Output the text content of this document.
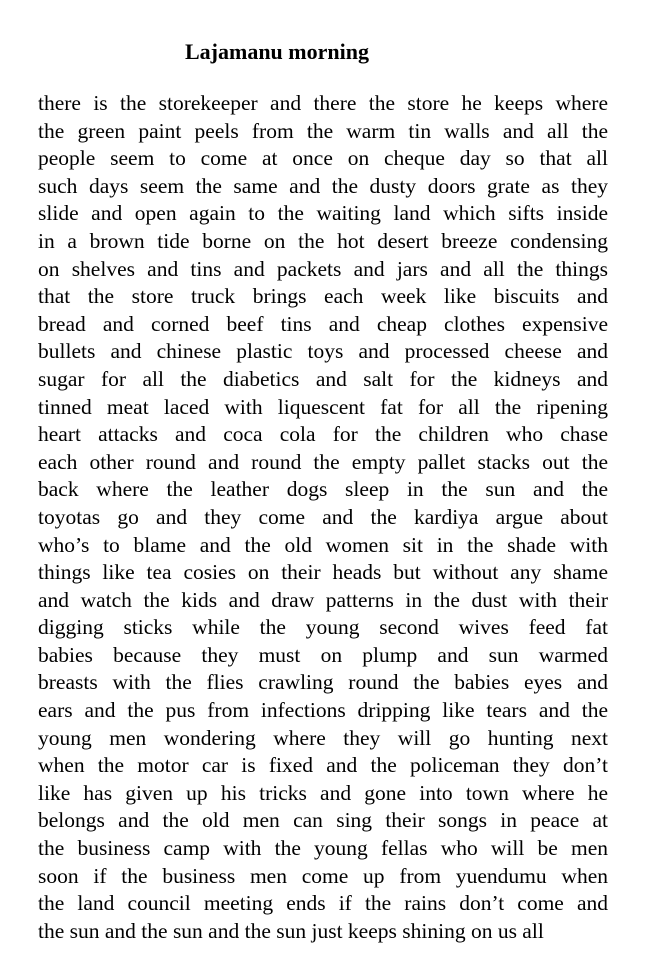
Lajamanu morning
there is the storekeeper and there the store he keeps where
the green paint peels from the warm tin walls and all the
people seem to come at once on cheque day so that all
such days seem the same and the dusty doors grate as they
slide and open again to the waiting land which sifts inside
in a brown tide borne on the hot desert breeze condensing
on shelves and tins and packets and jars and all the things
that the store truck brings each week like biscuits and
bread and corned beef tins and cheap clothes expensive
bullets and chinese plastic toys and processed cheese and
sugar for all the diabetics and salt for the kidneys and
tinned meat laced with liquescent fat for all the ripening
heart attacks and coca cola for the children who chase
each other round and round the empty pallet stacks out the
back where the leather dogs sleep in the sun and the
toyotas go and they come and the kardiya argue about
who’s to blame and the old women sit in the shade with
things like tea cosies on their heads but without any shame
and watch the kids and draw patterns in the dust with their
digging sticks while the young second wives feed fat
babies because they must on plump and sun warmed
breasts with the flies crawling round the babies eyes and
ears and the pus from infections dripping like tears and the
young men wondering where they will go hunting next
when the motor car is fixed and the policeman they don’t
like has given up his tricks and gone into town where he
belongs and the old men can sing their songs in peace at
the business camp with the young fellas who will be men
soon if the business men come up from yuendumu when
the land council meeting ends if the rains don’t come and
the sun and the sun and the sun just keeps shining on us all
